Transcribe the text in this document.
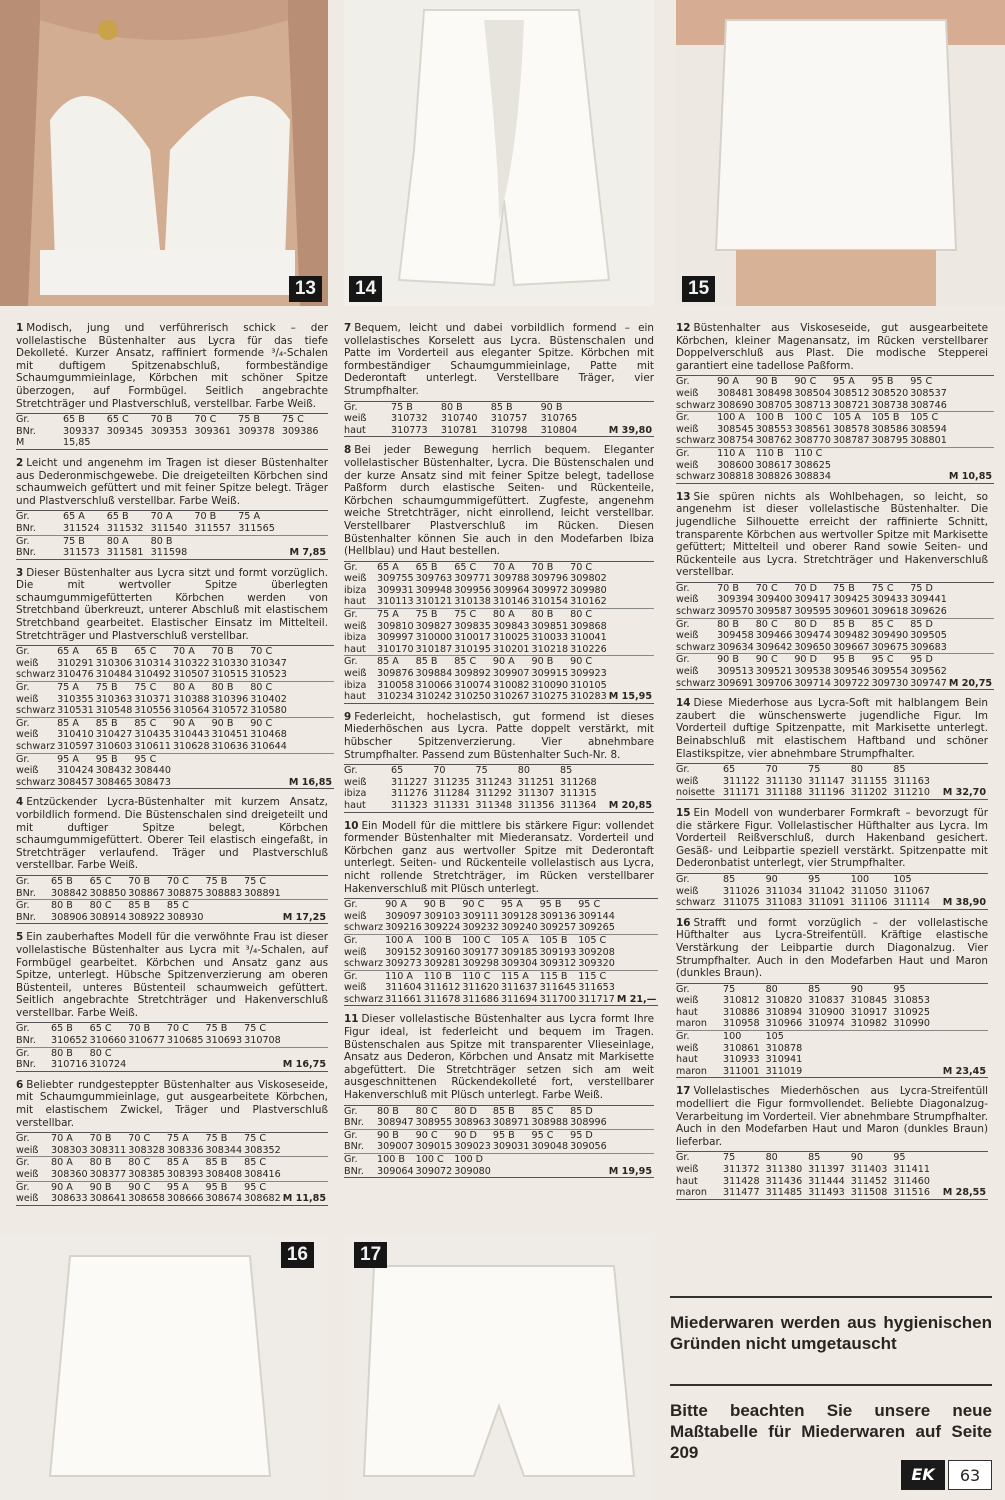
13	14	15
16	17

1 Modisch, jung und verführerisch schick – der vollelastische Büstenhalter aus Lycra für das tiefe Dekolleté. Kurzer Ansatz, raffiniert formende ³/₄-Schalen mit duftigem Spitzenabschluß, formbeständige Schaumgummieinlage, Körbchen mit schöner Spitze überzogen, auf Formbügel. Seitlich angebrachte Stretchträger und Plastverschluß, verstellbar. Farbe Weiß.

Gr.	65 B	65 C	70 B	70 C	75 B	75 C	
BNr.	309337	309345	309353	309361	309378	309386	
M	15,85						

2 Leicht und angenehm im Tragen ist dieser Büstenhalter aus Dederonmischgewebe. Die dreigeteilten Körbchen sind schaumweich gefüttert und mit feiner Spitze belegt. Träger und Plastverschluß verstellbar. Farbe Weiß.

Gr.	65 A	65 B	70 A	70 B	75 A		
BNr.	311524	311532	311540	311557	311565		
Gr.	75 B	80 A	80 B				
BNr.	311573	311581	311598				M 7,85

3 Dieser Büstenhalter aus Lycra sitzt und formt vorzüglich. Die mit wertvoller Spitze überlegten schaumgummigefütterten Körbchen werden von Stretchband überkreuzt, unterer Abschluß mit elastischem Stretchband gearbeitet. Elastischer Einsatz im Mittelteil. Stretchträger und Plastverschluß verstellbar.

Gr.	65 A	65 B	65 C	70 A	70 B	70 C	
weiß	310291	310306	310314	310322	310330	310347	
schwarz	310476	310484	310492	310507	310515	310523	
Gr.	75 A	75 B	75 C	80 A	80 B	80 C	
weiß	310355	310363	310371	310388	310396	310402	
schwarz	310531	310548	310556	310564	310572	310580	
Gr.	85 A	85 B	85 C	90 A	90 B	90 C	
weiß	310410	310427	310435	310443	310451	310468	
schwarz	310597	310603	310611	310628	310636	310644	
Gr.	95 A	95 B	95 C				
weiß	310424	308432	308440				
schwarz	308457	308465	308473				M 16,85

4 Entzückender Lycra-Büstenhalter mit kurzem Ansatz, vorbildlich formend. Die Büstenschalen sind dreigeteilt und mit duftiger Spitze belegt, Körbchen schaumgummigefüttert. Oberer Teil elastisch eingefaßt, in Stretchträger verlaufend. Träger und Plastverschluß verstellbar. Farbe Weiß.

Gr.	65 B	65 C	70 B	70 C	75 B	75 C	
BNr.	308842	308850	308867	308875	308883	308891	
Gr.	80 B	80 C	85 B	85 C			
BNr.	308906	308914	308922	308930			M 17,25

5 Ein zauberhaftes Modell für die verwöhnte Frau ist dieser vollelastische Büstenhalter aus Lycra mit ³/₄-Schalen, auf Formbügel gearbeitet. Körbchen und Ansatz ganz aus Spitze, unterlegt. Hübsche Spitzenverzierung am oberen Büstenteil, unteres Büstenteil schaumweich gefüttert. Seitlich angebrachte Stretchträger und Hakenverschluß verstellbar. Farbe Weiß.

Gr.	65 B	65 C	70 B	70 C	75 B	75 C	
BNr.	310652	310660	310677	310685	310693	310708	
Gr.	80 B	80 C					
BNr.	310716	310724					M 16,75

6 Beliebter rundgesteppter Büstenhalter aus Viskoseseide, mit Schaumgummieinlage, gut ausgearbeitete Körbchen, mit elastischem Zwickel, Träger und Plastverschluß verstellbar.

Gr.	70 A	70 B	70 C	75 A	75 B	75 C	
weiß	308303	308311	308328	308336	308344	308352	
Gr.	80 A	80 B	80 C	85 A	85 B	85 C	
weiß	308360	308377	308385	308393	308408	308416	
Gr.	90 A	90 B	90 C	95 A	95 B	95 C	
weiß	308633	308641	308658	308666	308674	308682	M 11,85

7 Bequem, leicht und dabei vorbildlich formend – ein vollelastisches Korselett aus Lycra. Büstenschalen und Patte im Vorderteil aus eleganter Spitze. Körbchen mit formbeständiger Schaumgummieinlage, Patte mit Dederontaft unterlegt. Verstellbare Träger, vier Strumpfhalter.

Gr.	75 B	80 B	85 B	90 B			
weiß	310732	310740	310757	310765			
haut	310773	310781	310798	310804			M 39,80

8 Bei jeder Bewegung herrlich bequem. Eleganter vollelastischer Büstenhalter, Lycra. Die Büstenschalen und der kurze Ansatz sind mit feiner Spitze belegt, tadellose Paßform durch elastische Seiten- und Rückenteile, Körbchen schaumgummigefüttert. Zugfeste, angenehm weiche Stretchträger, nicht einrollend, leicht verstellbar. Verstellbarer Plastverschluß im Rücken. Diesen Büstenhalter können Sie auch in den Modefarben Ibiza (Hellblau) und Haut bestellen.

Gr.	65 A	65 B	65 C	70 A	70 B	70 C	
weiß	309755	309763	309771	309788	309796	309802	
ibiza	309931	309948	309956	309964	309972	309980	
haut	310113	310121	310138	310146	310154	310162	
Gr.	75 A	75 B	75 C	80 A	80 B	80 C	
weiß	309810	309827	309835	309843	309851	309868	
ibiza	309997	310000	310017	310025	310033	310041	
haut	310170	310187	310195	310201	310218	310226	
Gr.	85 A	85 B	85 C	90 A	90 B	90 C	
weiß	309876	309884	309892	309907	309915	309923	
ibiza	310058	310066	310074	310082	310090	310105	
haut	310234	310242	310250	310267	310275	310283	M 15,95

9 Federleicht, hochelastisch, gut formend ist dieses Miederhöschen aus Lycra. Patte doppelt verstärkt, mit hübscher Spitzenverzierung. Vier abnehmbare Strumpfhalter. Passend zum Büstenhalter Such-Nr. 8.

Gr.	65	70	75	80	85		
weiß	311227	311235	311243	311251	311268		
ibiza	311276	311284	311292	311307	311315		
haut	311323	311331	311348	311356	311364		M 20,85

10 Ein Modell für die mittlere bis stärkere Figur: vollendet formender Büstenhalter mit Miederansatz. Vorderteil und Körbchen ganz aus wertvoller Spitze mit Dederontaft unterlegt. Seiten- und Rückenteile vollelastisch aus Lycra, nicht rollende Stretchträger, im Rücken verstellbarer Hakenverschluß mit Plüsch unterlegt.

Gr.	90 A	90 B	90 C	95 A	95 B	95 C	
weiß	309097	309103	309111	309128	309136	309144	
schwarz	309216	309224	309232	309240	309257	309265	
Gr.	100 A	100 B	100 C	105 A	105 B	105 C	
weiß	309152	309160	309177	309185	309193	309208	
schwarz	309273	309281	309298	309304	309312	309320	
Gr.	110 A	110 B	110 C	115 A	115 B	115 C	
weiß	311604	311612	311620	311637	311645	311653	
schwarz	311661	311678	311686	311694	311700	311717	M 21,—

11 Dieser vollelastische Büstenhalter aus Lycra formt Ihre Figur ideal, ist federleicht und bequem im Tragen. Büstenschalen aus Spitze mit transparenter Vlieseinlage, Ansatz aus Dederon, Körbchen und Ansatz mit Markisette abgefüttert. Die Stretchträger setzen sich am weit ausgeschnittenen Rückendekolleté fort, verstellbarer Hakenverschluß mit Plüsch unterlegt. Farbe Weiß.

Gr.	80 B	80 C	80 D	85 B	85 C	85 D	
BNr.	308947	308955	308963	308971	308988	308996	
Gr.	90 B	90 C	90 D	95 B	95 C	95 D	
BNr.	309007	309015	309023	309031	309048	309056	
Gr.	100 B	100 C	100 D				
BNr.	309064	309072	309080				M 19,95

12 Büstenhalter aus Viskoseseide, gut ausgearbeitete Körbchen, kleiner Magenansatz, im Rücken verstellbarer Doppelverschluß aus Plast. Die modische Stepperei garantiert eine tadellose Paßform.

Gr.	90 A	90 B	90 C	95 A	95 B	95 C	
weiß	308481	308498	308504	308512	308520	308537	
schwarz	308690	308705	308713	308721	308738	308746	
Gr.	100 A	100 B	100 C	105 A	105 B	105 C	
weiß	308545	308553	308561	308578	308586	308594	
schwarz	308754	308762	308770	308787	308795	308801	
Gr.	110 A	110 B	110 C				
weiß	308600	308617	308625				
schwarz	308818	308826	308834				M 10,85

13 Sie spüren nichts als Wohlbehagen, so leicht, so angenehm ist dieser vollelastische Büstenhalter. Die jugendliche Silhouette erreicht der raffinierte Schnitt, transparente Körbchen aus wertvoller Spitze mit Markisette gefüttert; Mittelteil und oberer Rand sowie Seiten- und Rückenteile aus Lycra. Stretchträger und Hakenverschluß verstellbar.

Gr.	70 B	70 C	70 D	75 B	75 C	75 D	
weiß	309394	309400	309417	309425	309433	309441	
schwarz	309570	309587	309595	309601	309618	309626	
Gr.	80 B	80 C	80 D	85 B	85 C	85 D	
weiß	309458	309466	309474	309482	309490	309505	
schwarz	309634	309642	309650	309667	309675	309683	
Gr.	90 B	90 C	90 D	95 B	95 C	95 D	
weiß	309513	309521	309538	309546	309554	309562	
schwarz	309691	309706	309714	309722	309730	309747	M 20,75

14 Diese Miederhose aus Lycra-Soft mit halblangem Bein zaubert die wünschenswerte jugendliche Figur. Im Vorderteil duftige Spitzenpatte, mit Markisette unterlegt. Beinabschluß mit elastischem Haftband und schöner Elastikspitze, vier abnehmbare Strumpfhalter.

Gr.	65	70	75	80	85		
weiß	311122	311130	311147	311155	311163		
noisette	311171	311188	311196	311202	311210		M 32,70

15 Ein Modell von wunderbarer Formkraft – bevorzugt für die stärkere Figur. Vollelastischer Hüfthalter aus Lycra. Im Vorderteil Reißverschluß, durch Hakenband gesichert. Gesäß- und Leibpartie speziell verstärkt. Spitzenpatte mit Dederonbatist unterlegt, vier Strumpfhalter.

Gr.	85	90	95	100	105		
weiß	311026	311034	311042	311050	311067		
schwarz	311075	311083	311091	311106	311114		M 38,90

16 Strafft und formt vorzüglich – der vollelastische Hüfthalter aus Lycra-Streifentüll. Kräftige elastische Verstärkung der Leibpartie durch Diagonalzug. Vier Strumpfhalter. Auch in den Modefarben Haut und Maron (dunkles Braun).

Gr.	75	80	85	90	95		
weiß	310812	310820	310837	310845	310853		
haut	310886	310894	310900	310917	310925		
maron	310958	310966	310974	310982	310990		
Gr.	100	105					
weiß	310861	310878					
haut	310933	310941					
maron	311001	311019					M 23,45

17 Vollelastisches Miederhöschen aus Lycra-Streifentüll modelliert die Figur formvollendet. Beliebte Diagonalzug-Verarbeitung im Vorderteil. Vier abnehmbare Strumpfhalter. Auch in den Modefarben Haut und Maron (dunkles Braun) lieferbar.

Gr.	75	80	85	90	95		
weiß	311372	311380	311397	311403	311411		
haut	311428	311436	311444	311452	311460		
maron	311477	311485	311493	311508	311516		M 28,55
Miederwaren werden aus hygienischen Gründen nicht umgetauscht
Bitte beachten Sie unsere neue Maßtabelle für Miederwaren auf Seite 209
EK	63
